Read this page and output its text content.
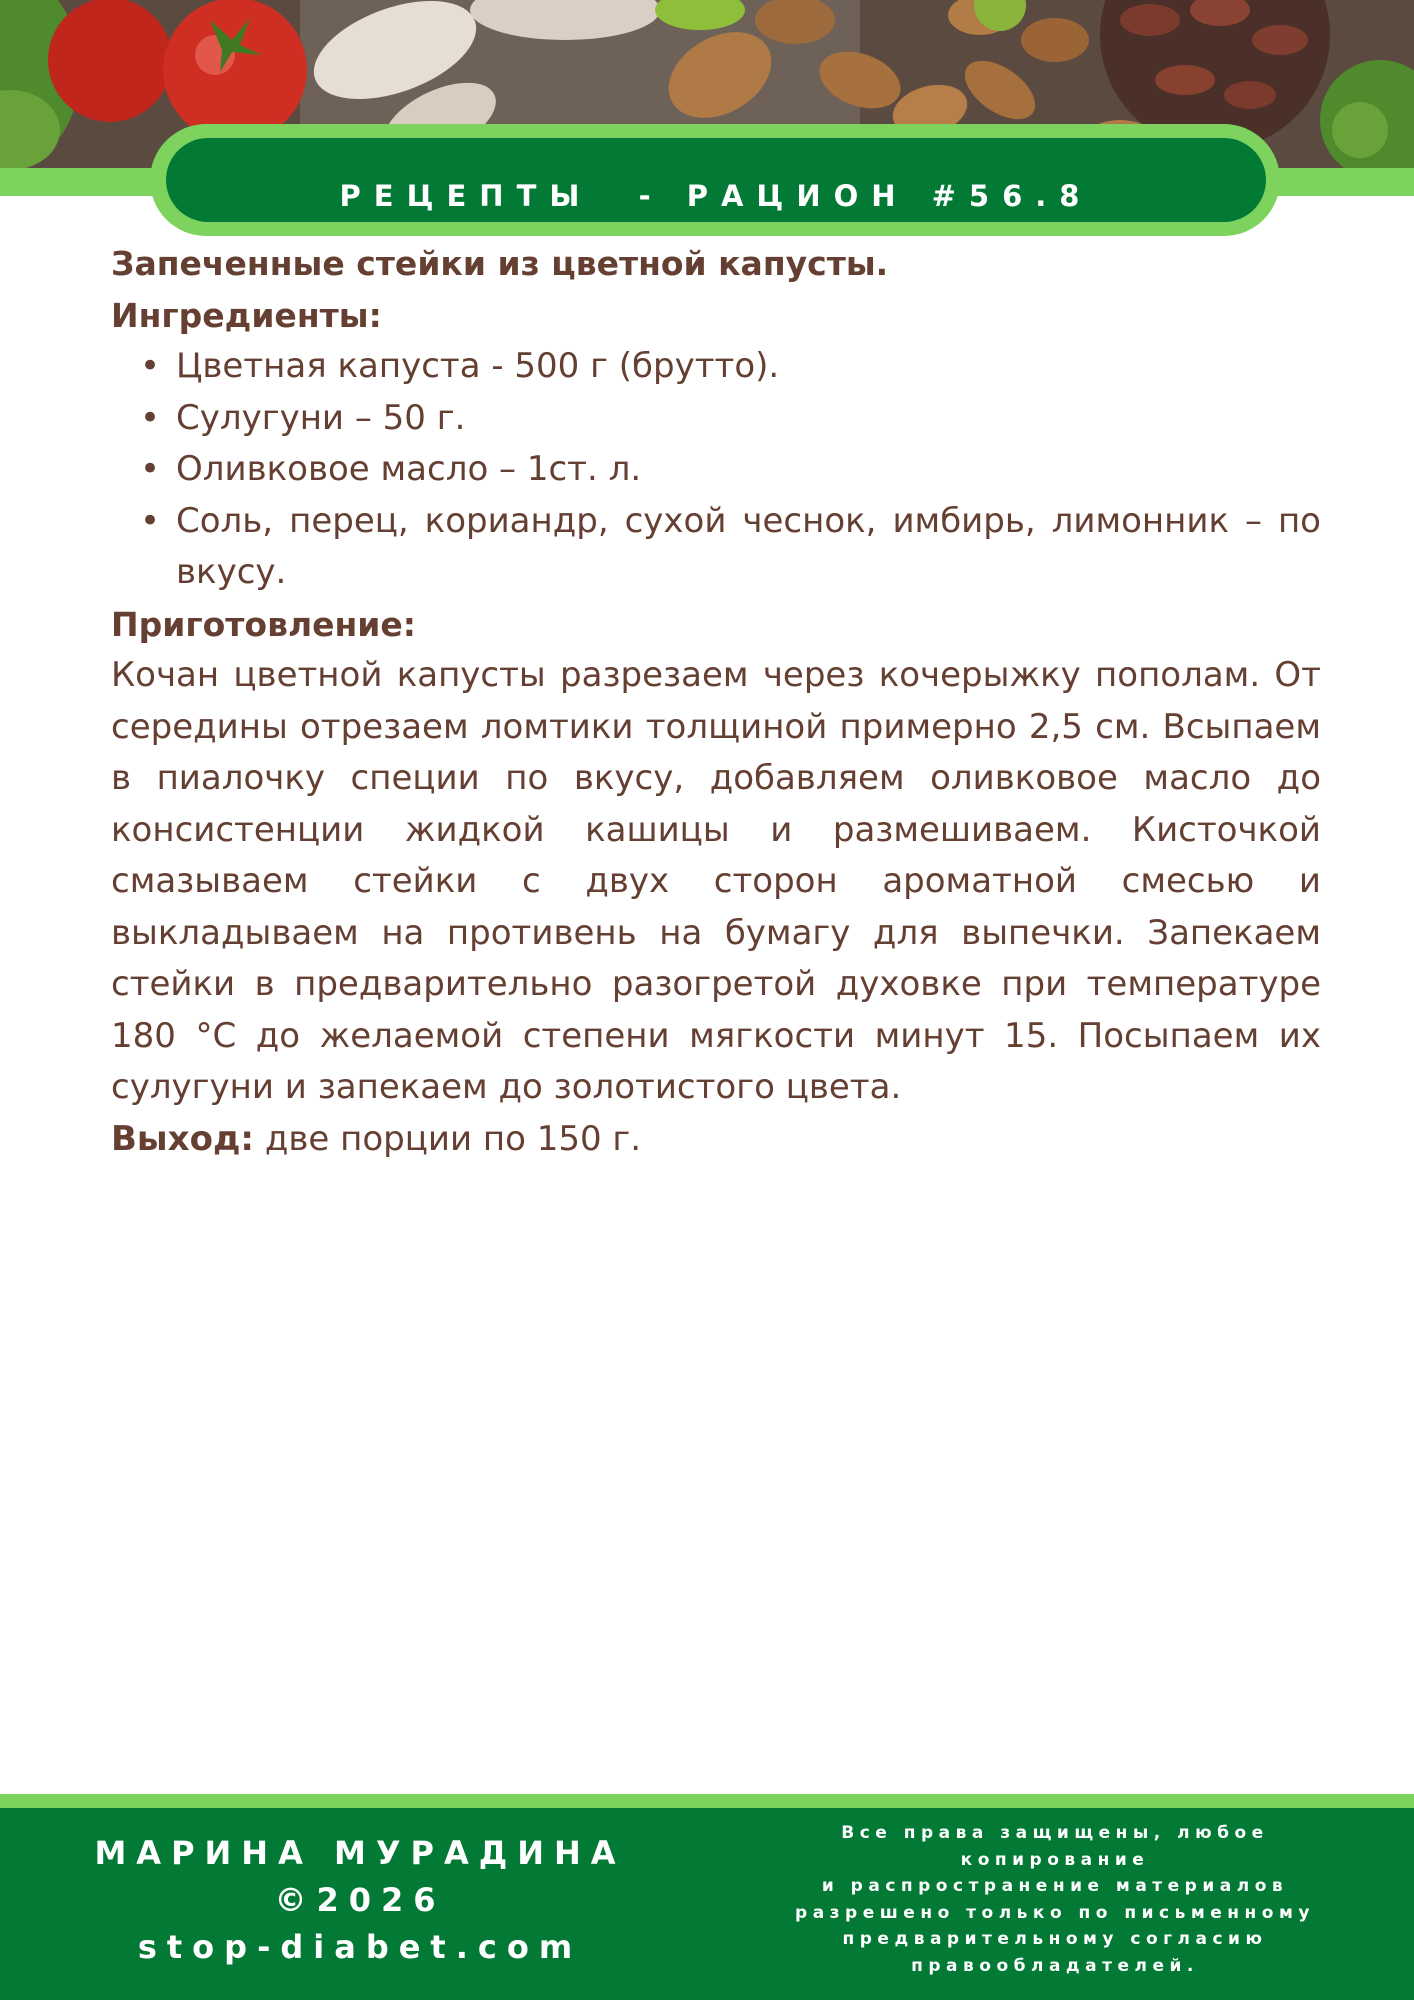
РЕЦЕПТЫ  - РАЦИОН #56.8
Запеченные стейки из цветной капусты.
Ингредиенты:
• Цветная капуста - 500 г (брутто).
• Сулугуни – 50 г.
• Оливковое масло – 1ст. л.
• Соль, перец, кориандр, сухой чеснок, имбирь, лимонник – по вкусу.
Приготовление:
Кочан цветной капусты разрезаем через кочерыжку пополам. От середины отрезаем ломтики толщиной примерно 2,5 см. Всыпаем в пиалочку специи по вкусу, добавляем оливковое масло до консистенции жидкой кашицы и размешиваем. Кисточкой смазываем стейки с двух сторон ароматной смесью и выкладываем на противень на бумагу для выпечки. Запекаем стейки в предварительно разогретой духовке при температуре 180 °С до желаемой степени мягкости минут 15. Посыпаем их сулугуни и запекаем до золотистого цвета.
Выход: две порции по 150 г.
МАРИНА МУРАДИНА
©2026
stop-diabet.com
Все права защищены, любое
копирование
и распространение материалов
разрешено только по письменному
предварительному согласию
правообладателей.
